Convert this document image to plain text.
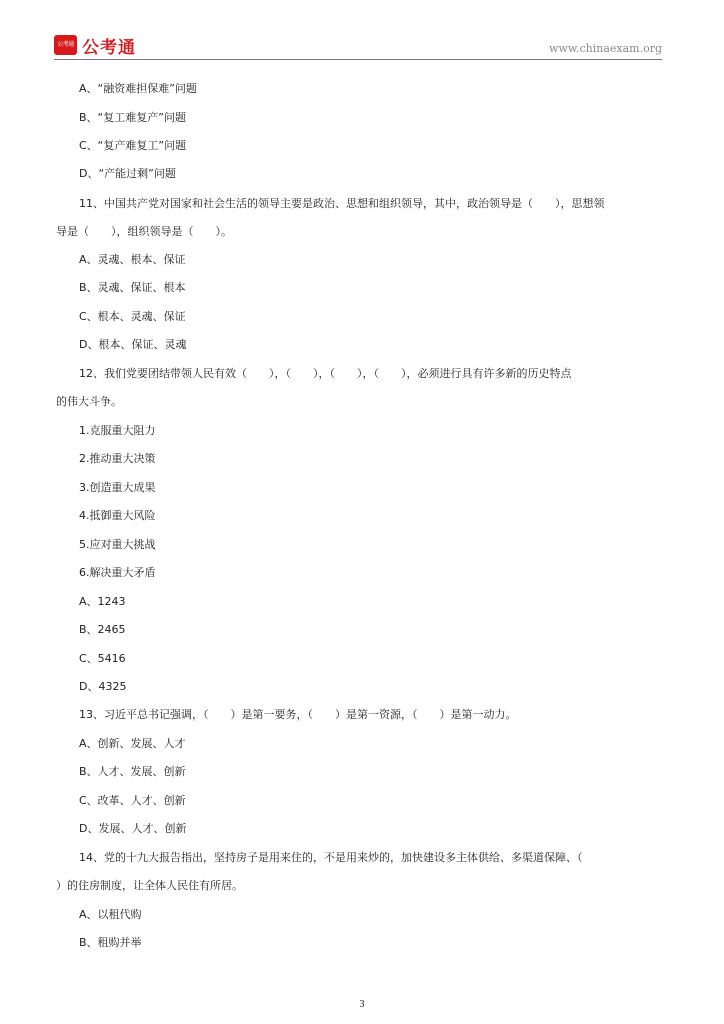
公考通 公考通	www.chinaexam.org
A、“融资难担保难”问题
B、“复工难复产”问题
C、“复产难复工”问题
D、“产能过剩”问题
11、中国共产党对国家和社会生活的领导主要是政治、思想和组织领导，其中，政治领导是（　　），思想领
导是（　　），组织领导是（　　）。
A、灵魂、根本、保证
B、灵魂、保证、根本
C、根本、灵魂、保证
D、根本、保证、灵魂
12、我们党要团结带领人民有效（　　），（　　），（　　），（　　），必须进行具有许多新的历史特点
的伟大斗争。
1.克服重大阻力
2.推动重大决策
3.创造重大成果
4.抵御重大风险
5.应对重大挑战
6.解决重大矛盾
A、1243
B、2465
C、5416
D、4325
13、习近平总书记强调，（　　）是第一要务，（　　）是第一资源，（　　）是第一动力。
A、创新、发展、人才
B、人才、发展、创新
C、改革、人才、创新
D、发展、人才、创新
14、党的十九大报告指出，坚持房子是用来住的，不是用来炒的，加快建设多主体供给、多渠道保障、（
）的住房制度，让全体人民住有所居。
A、以租代购
B、租购并举
3
